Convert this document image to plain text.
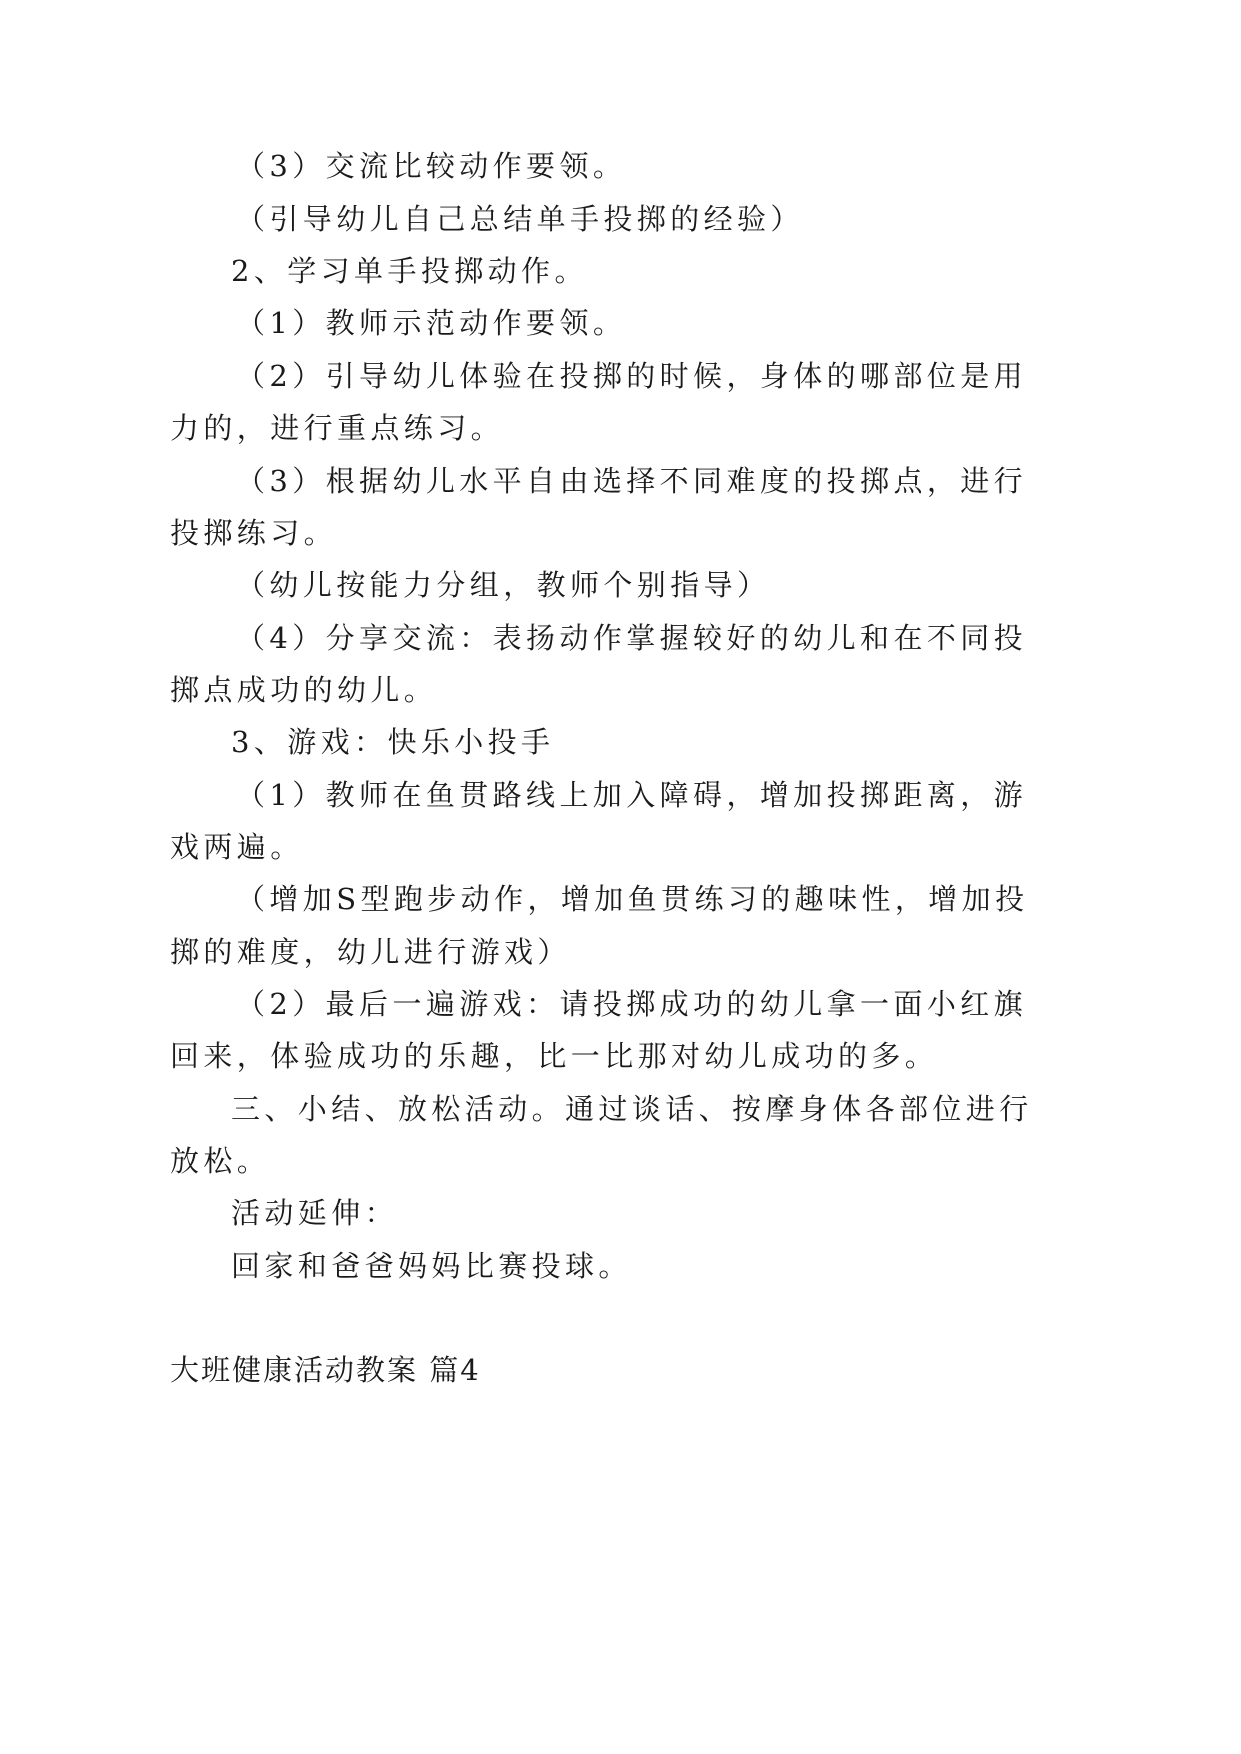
（3）交流比较动作要领。
（引导幼儿自己总结单手投掷的经验）
2、学习单手投掷动作。
（1）教师示范动作要领。
（2）引导幼儿体验在投掷的时候，身体的哪部位是用
力的，进行重点练习。
（3）根据幼儿水平自由选择不同难度的投掷点，进行
投掷练习。
（幼儿按能力分组，教师个别指导）
（4）分享交流：表扬动作掌握较好的幼儿和在不同投
掷点成功的幼儿。
3、游戏：快乐小投手
（1）教师在鱼贯路线上加入障碍，增加投掷距离，游
戏两遍。
（增加S型跑步动作，增加鱼贯练习的趣味性，增加投
掷的难度，幼儿进行游戏）
（2）最后一遍游戏：请投掷成功的幼儿拿一面小红旗
回来，体验成功的乐趣，比一比那对幼儿成功的多。
三、小结、放松活动。通过谈话、按摩身体各部位进行
放松。
活动延伸：
回家和爸爸妈妈比赛投球。
大班健康活动教案 篇4
